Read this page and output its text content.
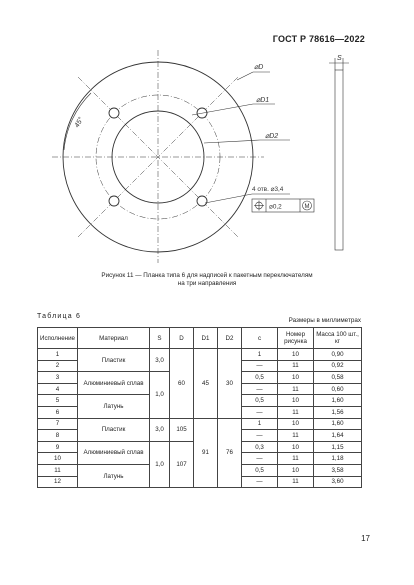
ГОСТ Р 78616—2022
⌀D
⌀D1
⌀D2
45°
4 отв. ⌀3,4
⌀0,2	M
S
Рисунок 11 — Планка типа 6 для надписей к пакетным переключателям
на три направления
Таблица 6
Размеры в миллиметрах
Исполнение	Материал	S	D	D1	D2	c	Номер рисунка	Масса 100 шт., кг
1	Пластик	3,0	60	45	30	1	10	0,90
2						—	11	0,92
3	Алюминиевый сплав	1,0				0,5	10	0,58
4						—	11	0,60
5	Латунь					0,5	10	1,60
6						—	11	1,56
7	Пластик	3,0	105	91	76	1	10	1,60
8						—	11	1,64
9	Алюминиевый сплав	1,0	107			0,3	10	1,15
10						—	11	1,18
11	Латунь					0,5	10	3,58
12						—	11	3,60
17
